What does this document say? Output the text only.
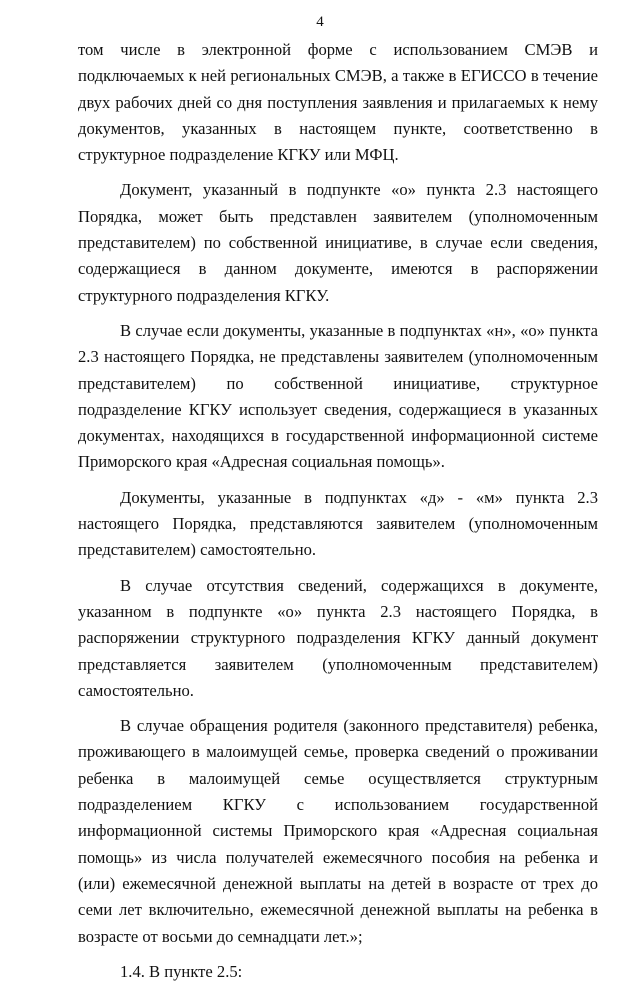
4

том числе в электронной форме с использованием СМЭВ и подключаемых к ней региональных СМЭВ, а также в ЕГИССО в течение двух рабочих дней со дня поступления заявления и прилагаемых к нему документов, указанных в настоящем пункте, соответственно в структурное подразделение КГКУ или МФЦ.

Документ, указанный в подпункте «о» пункта 2.3 настоящего Порядка, может быть представлен заявителем (уполномоченным представителем) по собственной инициативе, в случае если сведения, содержащиеся в данном документе, имеются в распоряжении структурного подразделения КГКУ.

В случае если документы, указанные в подпунктах «н», «о» пункта 2.3 настоящего Порядка, не представлены заявителем (уполномоченным представителем) по собственной инициативе, структурное подразделение КГКУ использует сведения, содержащиеся в указанных документах, находящихся в государственной информационной системе Приморского края «Адресная социальная помощь».

Документы, указанные в подпунктах «д» - «м» пункта 2.3 настоящего Порядка, представляются заявителем (уполномоченным представителем) самостоятельно.

В случае отсутствия сведений, содержащихся в документе, указанном в подпункте «о» пункта 2.3 настоящего Порядка, в распоряжении структурного подразделения КГКУ данный документ представляется заявителем (уполномоченным представителем) самостоятельно.

В случае обращения родителя (законного представителя) ребенка, проживающего в малоимущей семье, проверка сведений о проживании ребенка в малоимущей семье осуществляется структурным подразделением КГКУ с использованием государственной информационной системы Приморского края «Адресная социальная помощь» из числа получателей ежемесячного пособия на ребенка и (или) ежемесячной денежной выплаты на детей в возрасте от трех до семи лет включительно, ежемесячной денежной выплаты на ребенка в возрасте от восьми до семнадцати лет.»;

1.4. В пункте 2.5:
